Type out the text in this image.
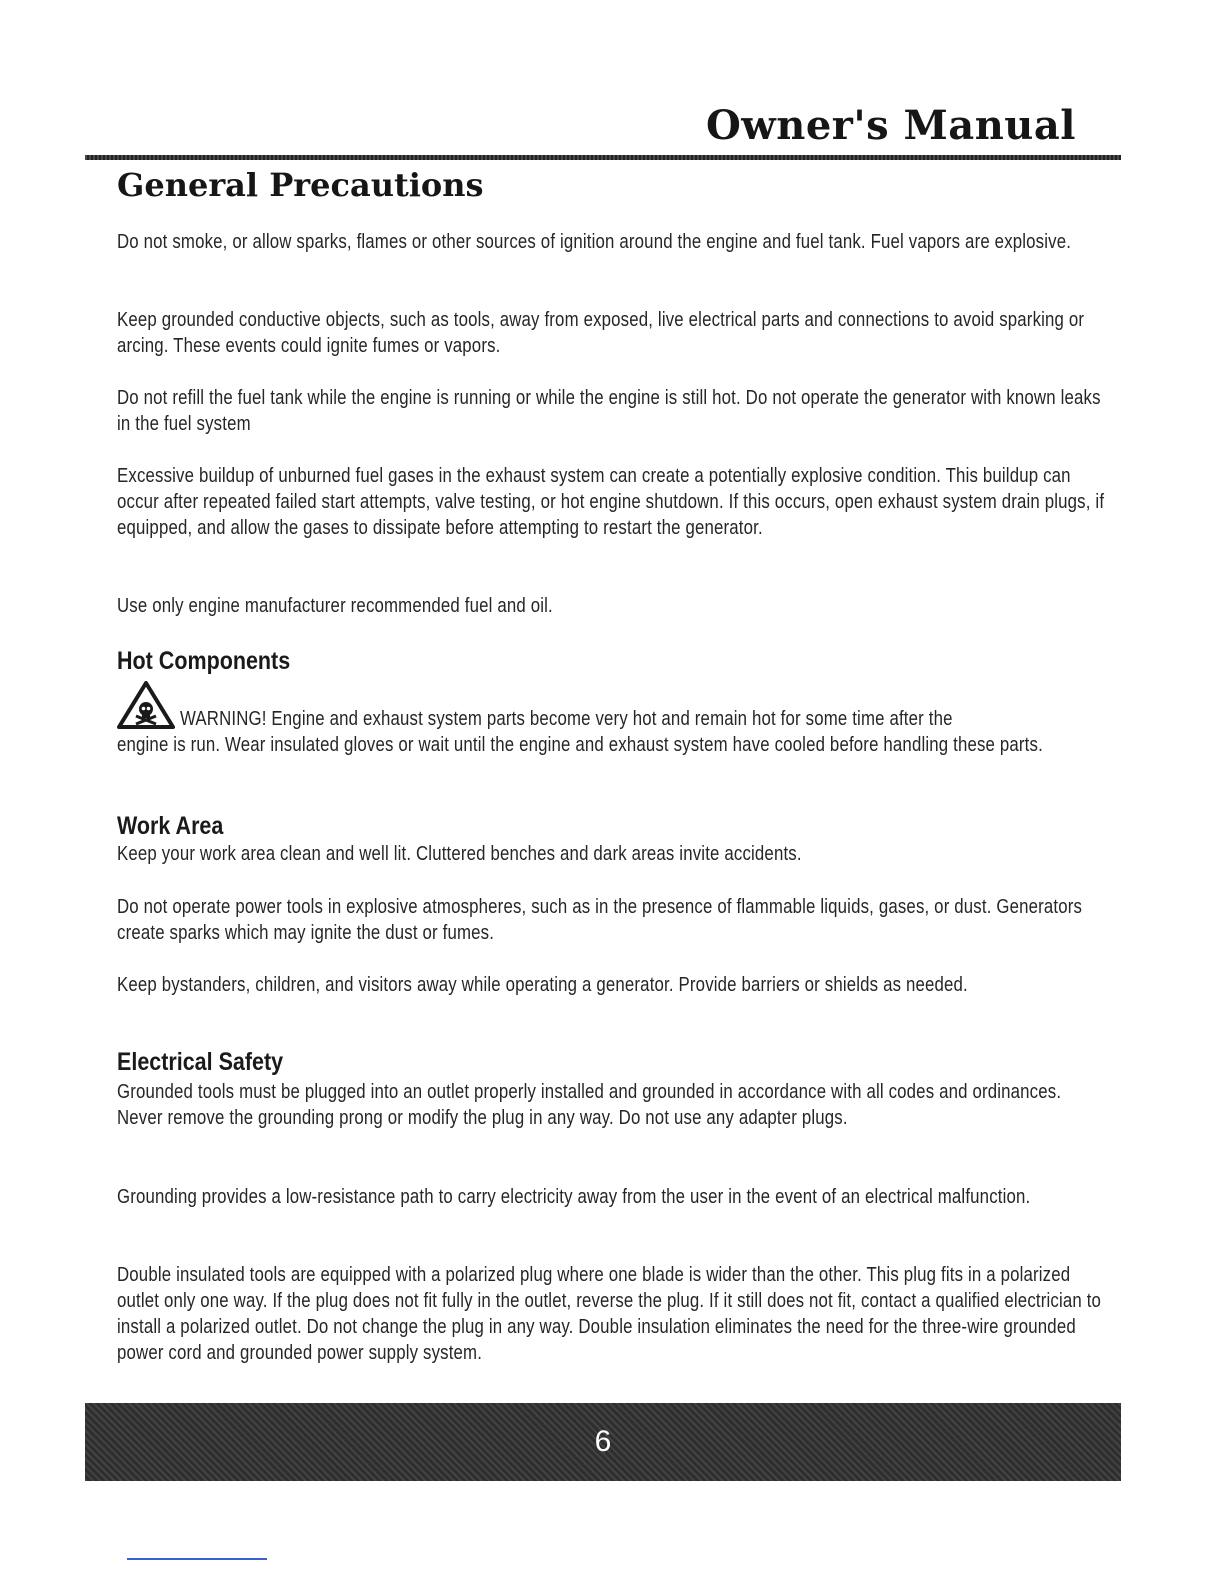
Owner's Manual
General Precautions

Do not smoke, or allow sparks, flames or other sources of ignition around the engine and fuel tank. Fuel vapors are explosive.

Keep grounded conductive objects, such as tools, away from exposed, live electrical parts and connections to avoid sparking or arcing. These events could ignite fumes or vapors.

Do not refill the fuel tank while the engine is running or while the engine is still hot. Do not operate the generator with known leaks in the fuel system

Excessive buildup of unburned fuel gases in the exhaust system can create a potentially explosive condition. This buildup can occur after repeated failed start attempts, valve testing, or hot engine shutdown. If this occurs, open exhaust system drain plugs, if equipped, and allow the gases to dissipate before attempting to restart the generator.

Use only engine manufacturer recommended fuel and oil.

Hot Components

WARNING! Engine and exhaust system parts become very hot and remain hot for some time after the

engine is run. Wear insulated gloves or wait until the engine and exhaust system have cooled before handling these parts.

Work Area

Keep your work area clean and well lit. Cluttered benches and dark areas invite accidents.

Do not operate power tools in explosive atmospheres, such as in the presence of flammable liquids, gases, or dust. Generators create sparks which may ignite the dust or fumes.

Keep bystanders, children, and visitors away while operating a generator. Provide barriers or shields as needed.

Electrical Safety

Grounded tools must be plugged into an outlet properly installed and grounded in accordance with all codes and ordinances. Never remove the grounding prong or modify the plug in any way. Do not use any adapter plugs.

Grounding provides a low-resistance path to carry electricity away from the user in the event of an electrical malfunction.

Double insulated tools are equipped with a polarized plug where one blade is wider than the other. This plug fits in a polarized outlet only one way. If the plug does not fit fully in the outlet, reverse the plug. If it still does not fit, contact a qualified electrician to install a polarized outlet. Do not change the plug in any way. Double insulation eliminates the need for the three-wire grounded power cord and grounded power supply system.

6
